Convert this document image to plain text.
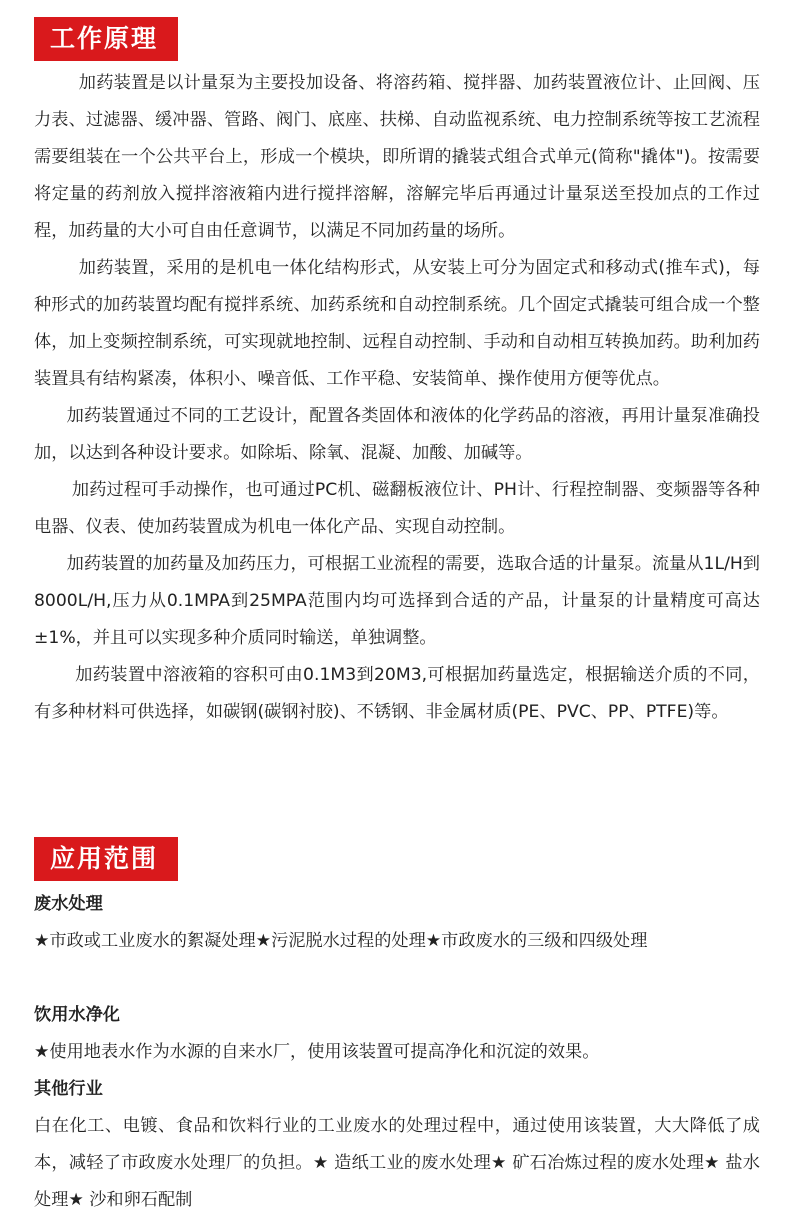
工作原理

加药装置是以计量泵为主要投加设备、将溶药箱、搅拌器、加药装置液位计、止回阀、压力表、过滤器、缓冲器、管路、阀门、底座、扶梯、自动监视系统、电力控制系统等按工艺流程需要组装在一个公共平台上，形成一个模块，即所谓的撬装式组合式单元(简称"撬体")。按需要将定量的药剂放入搅拌溶液箱内进行搅拌溶解，溶解完毕后再通过计量泵送至投加点的工作过程，加药量的大小可自由任意调节，以满足不同加药量的场所。

加药装置，采用的是机电一体化结构形式，从安装上可分为固定式和移动式(推车式)，每种形式的加药装置均配有搅拌系统、加药系统和自动控制系统。几个固定式撬装可组合成一个整体，加上变频控制系统，可实现就地控制、远程自动控制、手动和自动相互转换加药。助利加药装置具有结构紧凑，体积小、噪音低、工作平稳、安装简单、操作使用方便等优点。

加药装置通过不同的工艺设计，配置各类固体和液体的化学药品的溶液，再用计量泵准确投加，以达到各种设计要求。如除垢、除氧、混凝、加酸、加碱等。

加药过程可手动操作，也可通过PC机、磁翻板液位计、PH计、行程控制器、变频器等各种电器、仪表、使加药装置成为机电一体化产品、实现自动控制。

加药装置的加药量及加药压力，可根据工业流程的需要，选取合适的计量泵。流量从1L/H到8000L/H,压力从0.1MPA到25MPA范围内均可选择到合适的产品，计量泵的计量精度可高达±1%，并且可以实现多种介质同时输送，单独调整。

加药装置中溶液箱的容积可由0.1M3到20M3,可根据加药量选定，根据输送介质的不同，有多种材料可供选择，如碳钢(碳钢衬胶)、不锈钢、非金属材质(PE、PVC、PP、PTFE)等。

应用范围

废水处理

★市政或工业废水的絮凝处理★污泥脱水过程的处理★市政废水的三级和四级处理

饮用水净化

★使用地表水作为水源的自来水厂，使用该装置可提高净化和沉淀的效果。

其他行业

白在化工、电镀、食品和饮料行业的工业废水的处理过程中，通过使用该装置，大大降低了成本，减轻了市政废水处理厂的负担。★ 造纸工业的废水处理★ 矿石冶炼过程的废水处理★ 盐水处理★ 沙和卵石配制
